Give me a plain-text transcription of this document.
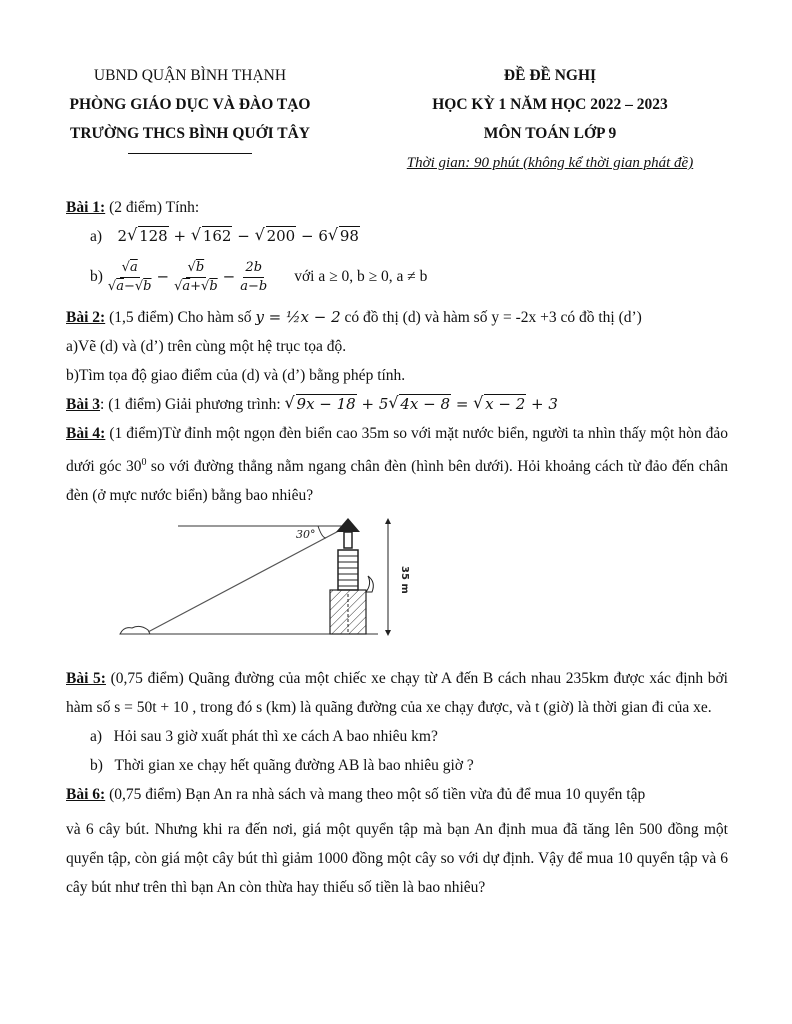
UBND QUẬN BÌNH THẠNH
PHÒNG GIÁO DỤC VÀ ĐÀO TẠO
TRƯỜNG THCS BÌNH QUỚI TÂY
ĐỀ ĐỀ NGHỊ
HỌC KỲ 1 NĂM HỌC 2022 – 2023
MÔN TOÁN LỚP 9
Thời gian: 90 phút (không kể thời gian phát đề)
Bài 1: (2 điểm) Tính:
a) 2 √ 128 + √ 162 − √ 200 − 6 √ 98
$b) \frac{√a}{√a-√b} - \frac{√b}{√a+√b} - \frac{2b}{a-b}$ với a ≥ 0, b ≥ 0, a ≠ b
Bài 2: (1,5 điểm) Cho hàm số y = ½x − 2 có đồ thị (d) và hàm số y = -2x +3 có đồ thị (d’)
a)Vẽ (d) và (d’) trên cùng một hệ trục tọa độ.
b)Tìm tọa độ giao điểm của (d) và (d’) bằng phép tính.
Bài 3: (1 điểm) Giải phương trình: √ 9x − 18 + 5 √ 4x − 8 = √ x − 2 + 3
Bài 4: (1 điểm)Từ đỉnh một ngọn đèn biển cao 35m so với mặt nước biển, người ta nhìn thấy một hòn đảo dưới góc $30^0$ so với đường thẳng nằm ngang chân đèn (hình bên dưới). Hỏi khoảng cách từ đảo đến chân đèn (ở mực nước biển) bằng bao nhiêu?
30°
35 m
Bài 5: (0,75 điểm) Quãng đường của một chiếc xe chạy từ A đến B cách nhau 235km được xác định bởi hàm số s = 50t + 10 , trong đó s (km) là quãng đường của xe chạy được, và t (giờ) là thời gian đi của xe.
a) Hỏi sau 3 giờ xuất phát thì xe cách A bao nhiêu km?
b) Thời gian xe chạy hết quãng đường AB là bao nhiêu giờ ?
Bài 6: (0,75 điểm) Bạn An ra nhà sách và mang theo một số tiền vừa đủ để mua 10 quyển tập
và 6 cây bút. Nhưng khi ra đến nơi, giá một quyển tập mà bạn An định mua đã tăng lên 500 đồng một quyển tập, còn giá một cây bút thì giảm 1000 đồng một cây so với dự định. Vậy để mua 10 quyển tập và 6 cây bút như trên thì bạn An còn thừa hay thiếu số tiền là bao nhiêu?
